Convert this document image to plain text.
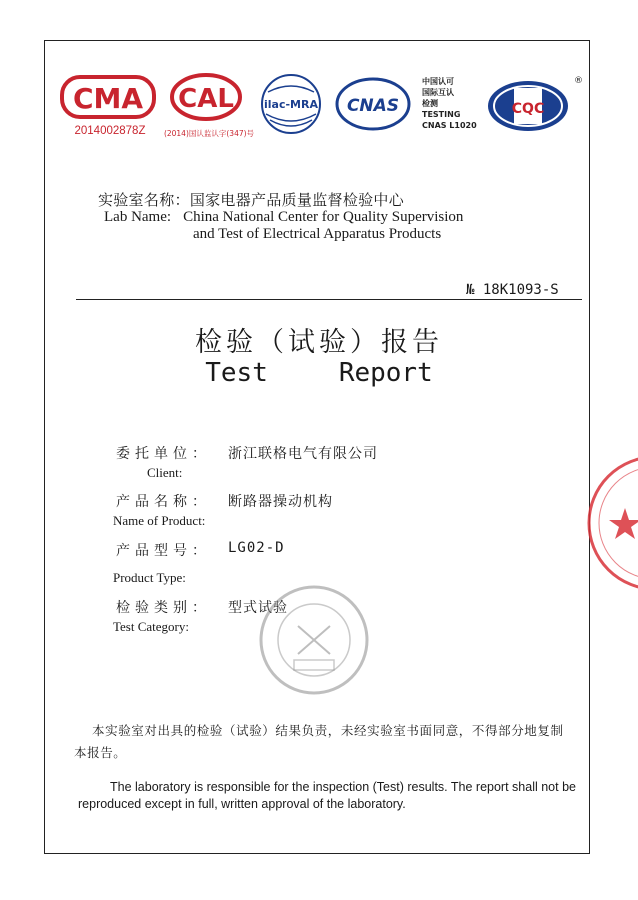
CMA
2014002878Z
CAL
(2014)国认监认字(347)号
ilac-MRA CNAS
中国认可
国际互认
检测
TESTING
CNAS L1020
CQC
®
实验室名称：国家电器产品质量监督检验中心
Lab Name: China National Center for Quality Supervision
and Test of Electrical Apparatus Products
№ 18K1093-S
检验（试验）报告
Test   Report
委托单位： 浙江联格电气有限公司
Client:
产品名称： 断路器操动机构
Name of Product:
产品型号： LG02-D
Product Type:
检验类别： 型式试验
Test Category:
本实验室对出具的检验（试验）结果负责，未经实验室书面同意，不得部分地复制本报告。
The laboratory is responsible for the inspection (Test) results. The report shall not be reproduced except in full, written approval of the laboratory.
